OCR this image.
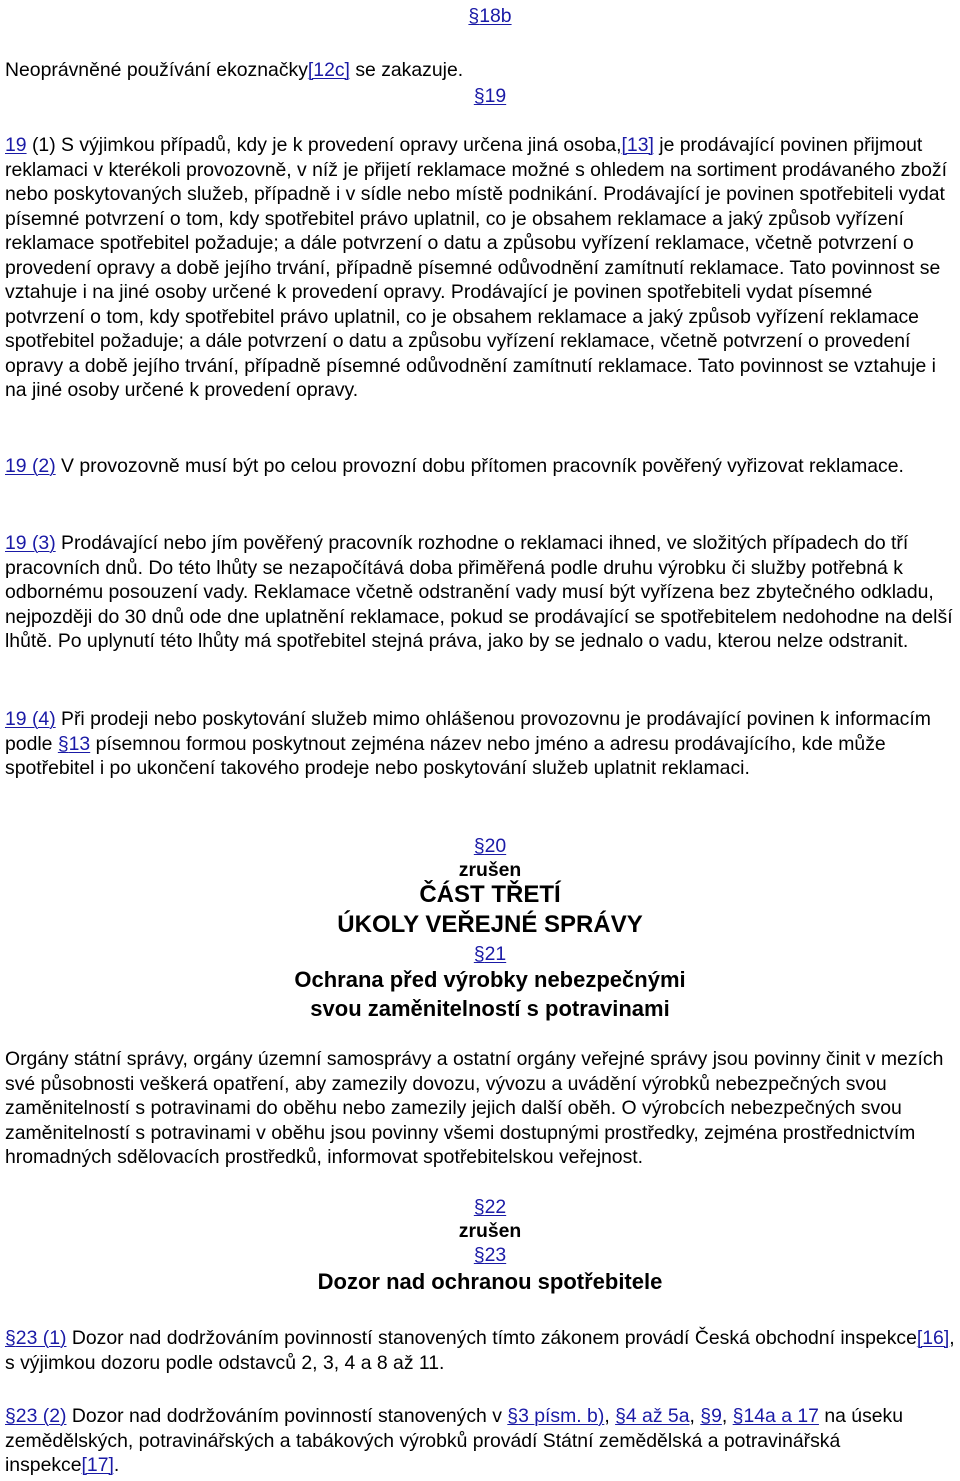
§18b
Neoprávněné používání ekoznačky[12c] se zakazuje.
§19
19 (1) S výjimkou případů, kdy je k provedení opravy určena jiná osoba,[13] je prodávající povinen přijmout reklamaci v kterékoli provozovně, v níž je přijetí reklamace možné s ohledem na sortiment prodávaného zboží nebo poskytovaných služeb, případně i v sídle nebo místě podnikání. Prodávající je povinen spotřebiteli vydat písemné potvrzení o tom, kdy spotřebitel právo uplatnil, co je obsahem reklamace a jaký způsob vyřízení reklamace spotřebitel požaduje; a dále potvrzení o datu a způsobu vyřízení reklamace, včetně potvrzení o provedení opravy a době jejího trvání, případně písemné odůvodnění zamítnutí reklamace. Tato povinnost se vztahuje i na jiné osoby určené k provedení opravy. Prodávající je povinen spotřebiteli vydat písemné potvrzení o tom, kdy spotřebitel právo uplatnil, co je obsahem reklamace a jaký způsob vyřízení reklamace spotřebitel požaduje; a dále potvrzení o datu a způsobu vyřízení reklamace, včetně potvrzení o provedení opravy a době jejího trvání, případně písemné odůvodnění zamítnutí reklamace. Tato povinnost se vztahuje i na jiné osoby určené k provedení opravy.
19 (2) V provozovně musí být po celou provozní dobu přítomen pracovník pověřený vyřizovat reklamace.
19 (3) Prodávající nebo jím pověřený pracovník rozhodne o reklamaci ihned, ve složitých případech do tří pracovních dnů. Do této lhůty se nezapočítává doba přiměřená podle druhu výrobku či služby potřebná k odbornému posouzení vady. Reklamace včetně odstranění vady musí být vyřízena bez zbytečného odkladu, nejpozději do 30 dnů ode dne uplatnění reklamace, pokud se prodávající se spotřebitelem nedohodne na delší lhůtě. Po uplynutí této lhůty má spotřebitel stejná práva, jako by se jednalo o vadu, kterou nelze odstranit.
19 (4) Při prodeji nebo poskytování služeb mimo ohlášenou provozovnu je prodávající povinen k informacím podle §13 písemnou formou poskytnout zejména název nebo jméno a adresu prodávajícího, kde může spotřebitel i po ukončení takového prodeje nebo poskytování služeb uplatnit reklamaci.
§20
zrušen
ČÁST TŘETÍ
ÚKOLY VEŘEJNÉ SPRÁVY
§21
Ochrana před výrobky nebezpečnými
svou zaměnitelností s potravinami
Orgány státní správy, orgány územní samosprávy a ostatní orgány veřejné správy jsou povinny činit v mezích své působnosti veškerá opatření, aby zamezily dovozu, vývozu a uvádění výrobků nebezpečných svou zaměnitelností s potravinami do oběhu nebo zamezily jejich další oběh. O výrobcích nebezpečných svou zaměnitelností s potravinami v oběhu jsou povinny všemi dostupnými prostředky, zejména prostřednictvím hromadných sdělovacích prostředků, informovat spotřebitelskou veřejnost.
§22
zrušen
§23
Dozor nad ochranou spotřebitele
§23 (1) Dozor nad dodržováním povinností stanovených tímto zákonem provádí Česká obchodní inspekce[16], s výjimkou dozoru podle odstavců 2, 3, 4 a 8 až 11.
§23 (2) Dozor nad dodržováním povinností stanovených v §3 písm. b), §4 až 5a, §9, §14a a 17 na úseku zemědělských, potravinářských a tabákových výrobků provádí Státní zemědělská a potravinářská inspekce[17].
